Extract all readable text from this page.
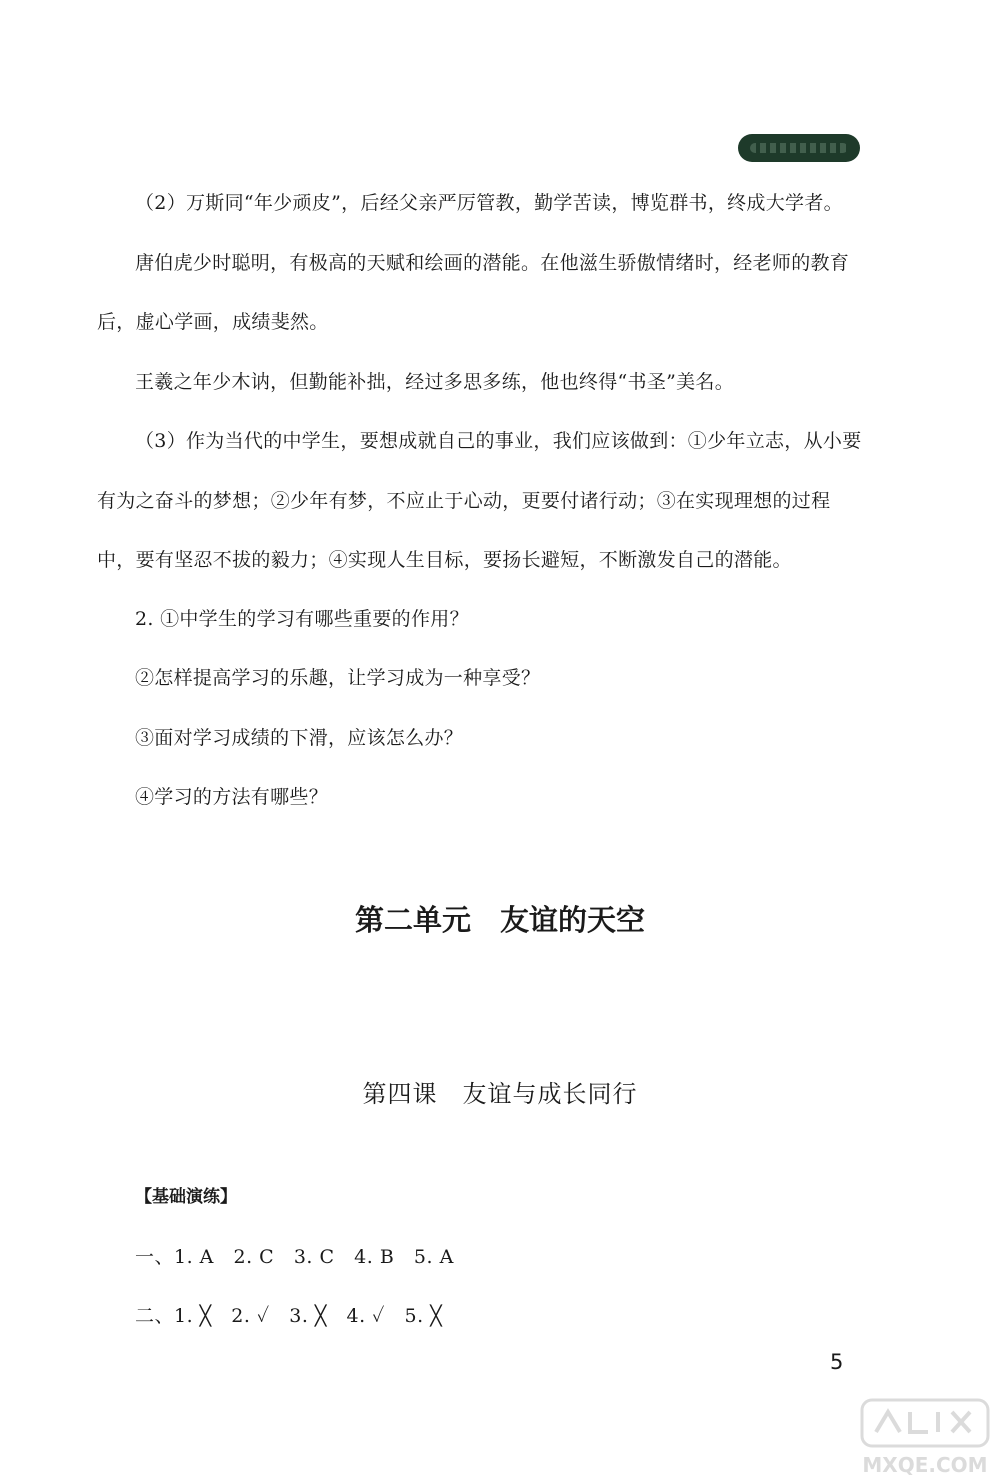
（2）万斯同“年少顽皮”，后经父亲严厉管教，勤学苦读，博览群书，终成大学者。
唐伯虎少时聪明，有极高的天赋和绘画的潜能。在他滋生骄傲情绪时，经老师的教育
后，虚心学画，成绩斐然。
王羲之年少木讷，但勤能补拙，经过多思多练，他也终得“书圣”美名。
（3）作为当代的中学生，要想成就自己的事业，我们应该做到：①少年立志，从小要
有为之奋斗的梦想；②少年有梦，不应止于心动，更要付诸行动；③在实现理想的过程
中，要有坚忍不拔的毅力；④实现人生目标，要扬长避短，不断激发自己的潜能。
2. ①中学生的学习有哪些重要的作用？
②怎样提高学习的乐趣，让学习成为一种享受？
③面对学习成绩的下滑，应该怎么办？
④学习的方法有哪些？
第二单元　友谊的天空
第四课　友谊与成长同行
【基础演练】
一、1. A   2. C   3. C   4. B   5. A
二、1. ╳   2. ✓   3. ╳   4. ✓   5. ╳
5
MXQE.COM
